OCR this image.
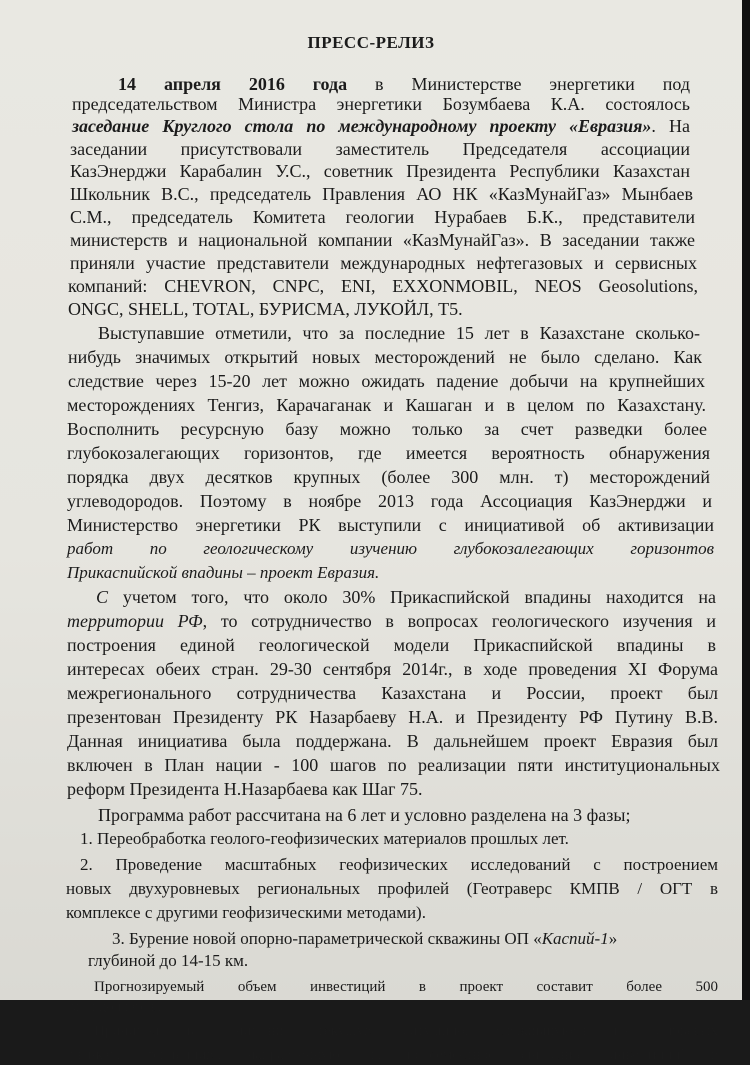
ПРЕСС-РЕЛИЗ
14 апреля 2016 года в Министерстве энергетики под
председательством Министра энергетики Бозумбаева К.А. состоялось
заседание Круглого стола по международному проекту «Евразия». На
заседании присутствовали заместитель Председателя ассоциации
КазЭнерджи Карабалин У.С., советник Президента Республики Казахстан
Школьник В.С., председатель Правления АО НК «КазМунайГаз» Мынбаев
С.М., председатель Комитета геологии Нурабаев Б.К., представители
министерств и национальной компании «КазМунайГаз». В заседании также
приняли участие представители международных нефтегазовых и сервисных
компаний: CHEVRON, CNPC, ENI, EXXONMOBIL, NEOS Geosolutions,
ONGC, SHELL, TOTAL, БУРИСМА, ЛУКОЙЛ, Т5.
Выступавшие отметили, что за последние 15 лет в Казахстане сколько-
нибудь значимых открытий новых месторождений не было сделано. Как
следствие через 15-20 лет можно ожидать падение добычи на крупнейших
месторождениях Тенгиз, Карачаганак и Кашаган и в целом по Казахстану.
Восполнить ресурсную базу можно только за счет разведки более
глубокозалегающих горизонтов, где имеется вероятность обнаружения
порядка двух десятков крупных (более 300 млн. т) месторождений
углеводородов. Поэтому в ноябре 2013 года Ассоциация КазЭнерджи и
Министерство энергетики РК выступили с инициативой об активизации
работ по геологическому изучению глубокозалегающих горизонтов
Прикаспийской впадины – проект Евразия.
С учетом того, что около 30% Прикаспийской впадины находится на
территории РФ, то сотрудничество в вопросах геологического изучения и
построения единой геологической модели Прикаспийской впадины в
интересах обеих стран. 29-30 сентября 2014г., в ходе проведения XI Форума
межрегионального сотрудничества Казахстана и России, проект был
презентован Президенту РК Назарбаеву Н.А. и Президенту РФ Путину В.В.
Данная инициатива была поддержана. В дальнейшем проект Евразия был
включен в План нации - 100 шагов по реализации пяти институциональных
реформ Президента Н.Назарбаева как Шаг 75.
Программа работ рассчитана на 6 лет и условно разделена на 3 фазы;
1. Переобработка геолого-геофизических материалов прошлых лет.
2. Проведение масштабных геофизических исследований с построением
новых двухуровневых региональных профилей (Геотраверс КМПВ / ОГТ в
комплексе с другими геофизическими методами).
3. Бурение новой опорно-параметрической скважины ОП «Каспий-1»
глубиной до 14-15 км.
Прогнозируемый объем инвестиций в проект составит более 500
млн.долларов.
Принимая во внимание текущую ситуацию, сложившуюся на сырьевых
рынках, тенденцию, направленную на повсеместное снижение инвестиций в
